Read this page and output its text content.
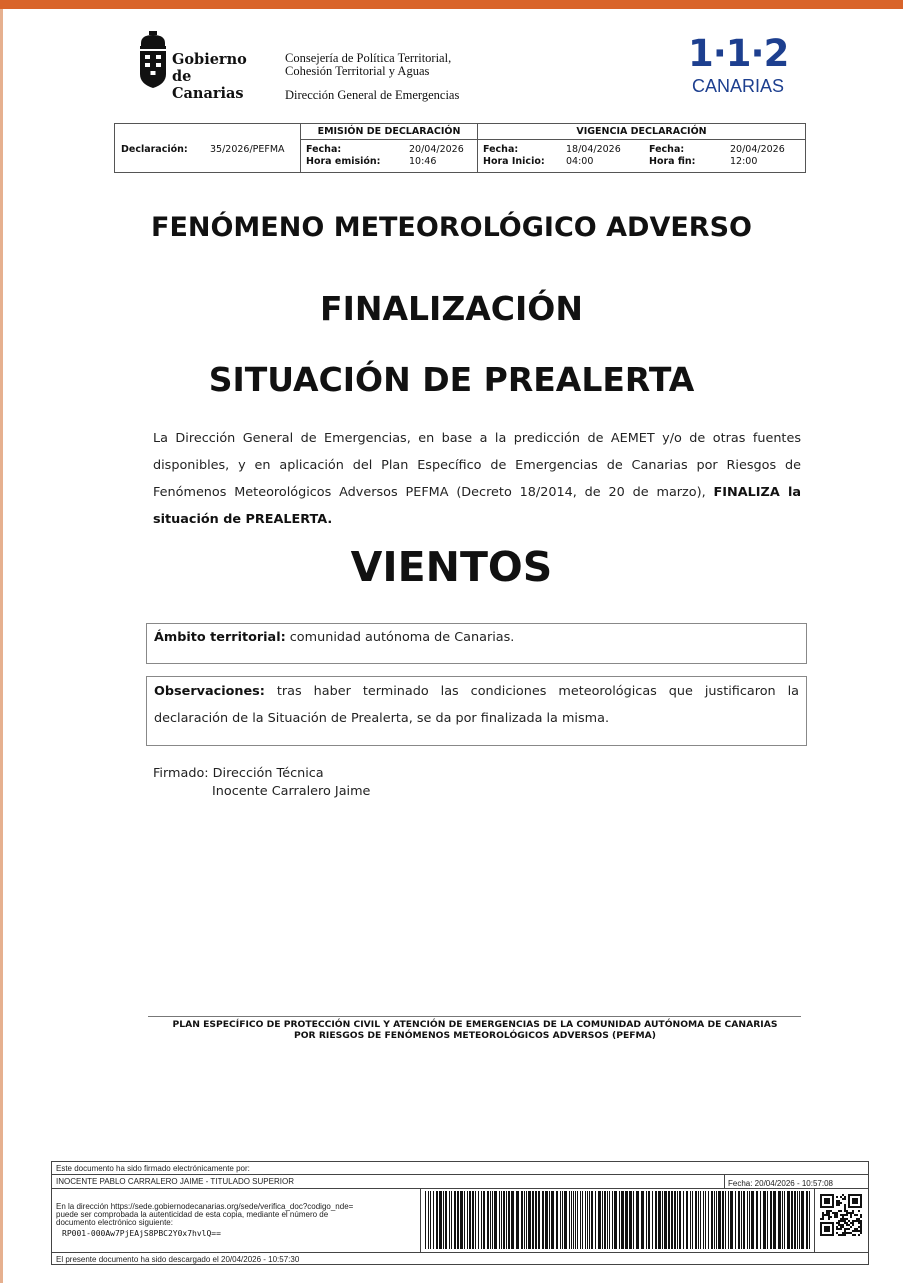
Gobierno
de Canarias
Consejería de Política Territorial,
Cohesión Territorial y Aguas
Dirección General de Emergencias
1·1·2
CANARIAS
Declaración: 35/2026/PEFMA
EMISIÓN DE DECLARACIÓN
Fecha:	20/04/2026
Hora emisión:	10:46
VIGENCIA DECLARACIÓN
Fecha:	18/04/2026
Hora Inicio: 04:00
Fecha:	20/04/2026
Hora fin:	12:00
FENÓMENO METEOROLÓGICO ADVERSO
FINALIZACIÓN
SITUACIÓN DE PREALERTA
La Dirección General de Emergencias, en base a la predicción de AEMET y/o de otras fuentes disponibles, y en aplicación del Plan Específico de Emergencias de Canarias por Riesgos de Fenómenos Meteorológicos Adversos PEFMA (Decreto 18/2014, de 20 de marzo), FINALIZA la situación de PREALERTA.
VIENTOS
Ámbito territorial: comunidad autónoma de Canarias.
Observaciones: tras haber terminado las condiciones meteorológicas que justificaron la declaración de la Situación de Prealerta, se da por finalizada la misma.
Firmado: Dirección Técnica
Inocente Carralero Jaime
PLAN ESPECÍFICO DE PROTECCIÓN CIVIL Y ATENCIÓN DE EMERGENCIAS DE LA COMUNIDAD AUTÓNOMA DE CANARIAS
POR RIESGOS DE FENÓMENOS METEOROLÓGICOS ADVERSOS (PEFMA)
Este documento ha sido firmado electrónicamente por:
INOCENTE PABLO CARRALERO JAIME - TITULADO SUPERIOR	Fecha: 20/04/2026 - 10:57:08
En la dirección https://sede.gobiernodecanarias.org/sede/verifica_doc?codigo_nde=
puede ser comprobada la autenticidad de esta copia, mediante el número de
documento electrónico siguiente:
RP001-000Aw7PjEAjS8PBC2Y0x7hvlQ==
El presente documento ha sido descargado el 20/04/2026 - 10:57:30
